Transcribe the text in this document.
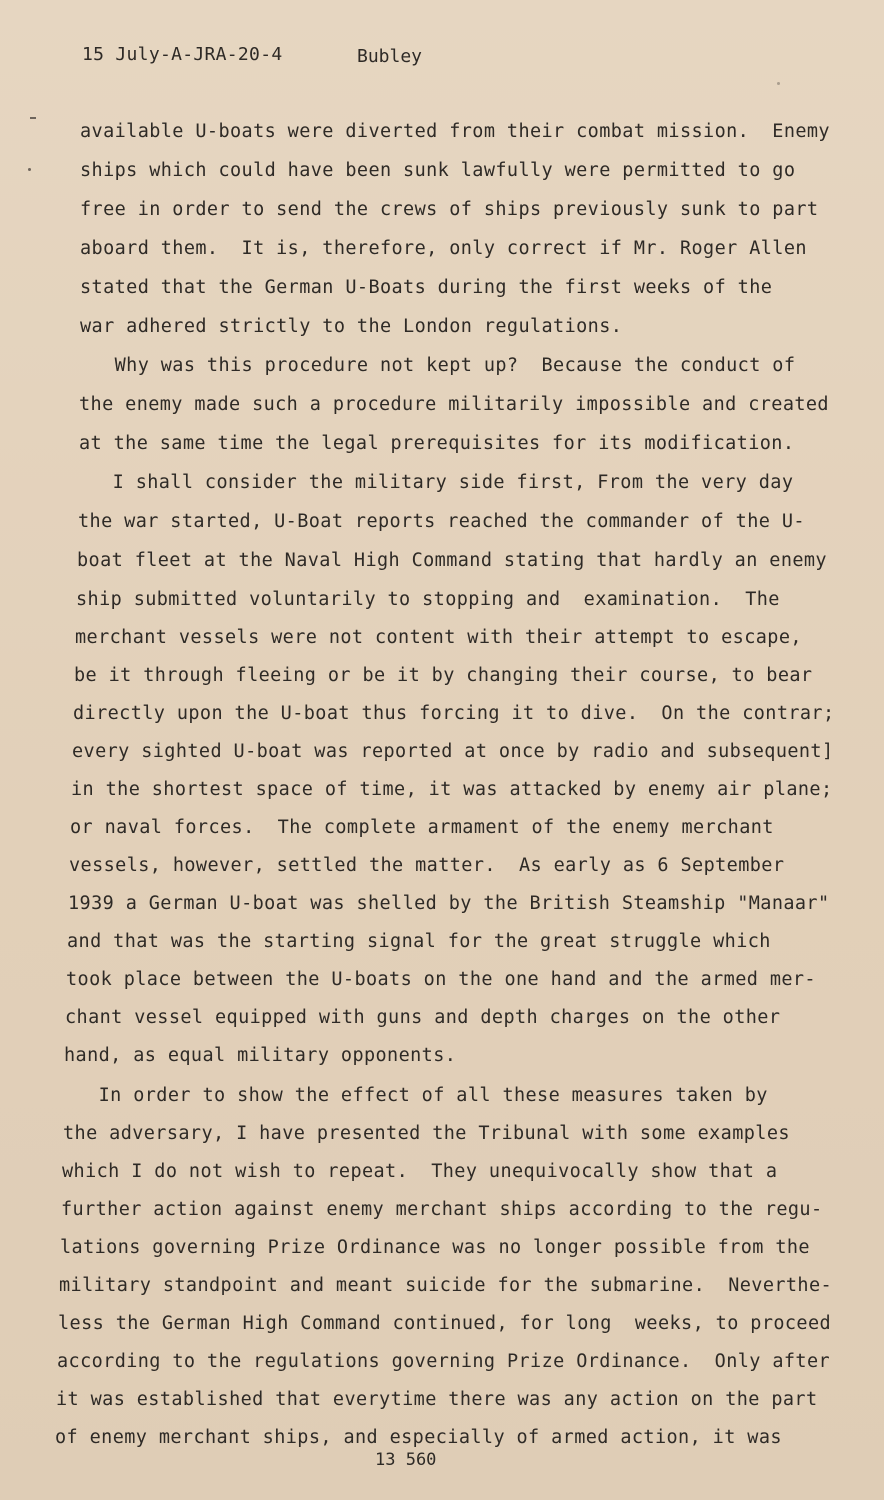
15 July-A-JRA-20-4	Bubley
available U-boats were diverted from their combat mission.  Enemy
ships which could have been sunk lawfully were permitted to go
free in order to send the crews of ships previously sunk to part
aboard them.  It is, therefore, only correct if Mr. Roger Allen
stated that the German U-Boats during the first weeks of the
war adhered strictly to the London regulations.
Why was this procedure not kept up?  Because the conduct of
the enemy made such a procedure militarily impossible and created
at the same time the legal prerequisites for its modification.
I shall consider the military side first, From the very day
the war started, U-Boat reports reached the commander of the U-
boat fleet at the Naval High Command stating that hardly an enemy
ship submitted voluntarily to stopping and  examination.  The
merchant vessels were not content with their attempt to escape,
be it through fleeing or be it by changing their course, to bear
directly upon the U-boat thus forcing it to dive.  On the contrar;
every sighted U-boat was reported at once by radio and subsequent]
in the shortest space of time, it was attacked by enemy air plane;
or naval forces.  The complete armament of the enemy merchant
vessels, however, settled the matter.  As early as 6 September
1939 a German U-boat was shelled by the British Steamship "Manaar"
and that was the starting signal for the great struggle which
took place between the U-boats on the one hand and the armed mer-
chant vessel equipped with guns and depth charges on the other
hand, as equal military opponents.
In order to show the effect of all these measures taken by
the adversary, I have presented the Tribunal with some examples
which I do not wish to repeat.  They unequivocally show that a
further action against enemy merchant ships according to the regu-
lations governing Prize Ordinance was no longer possible from the
military standpoint and meant suicide for the submarine.  Neverthe-
less the German High Command continued, for long  weeks, to proceed
according to the regulations governing Prize Ordinance.  Only after
it was established that everytime there was any action on the part
of enemy merchant ships, and especially of armed action, it was
13 560
